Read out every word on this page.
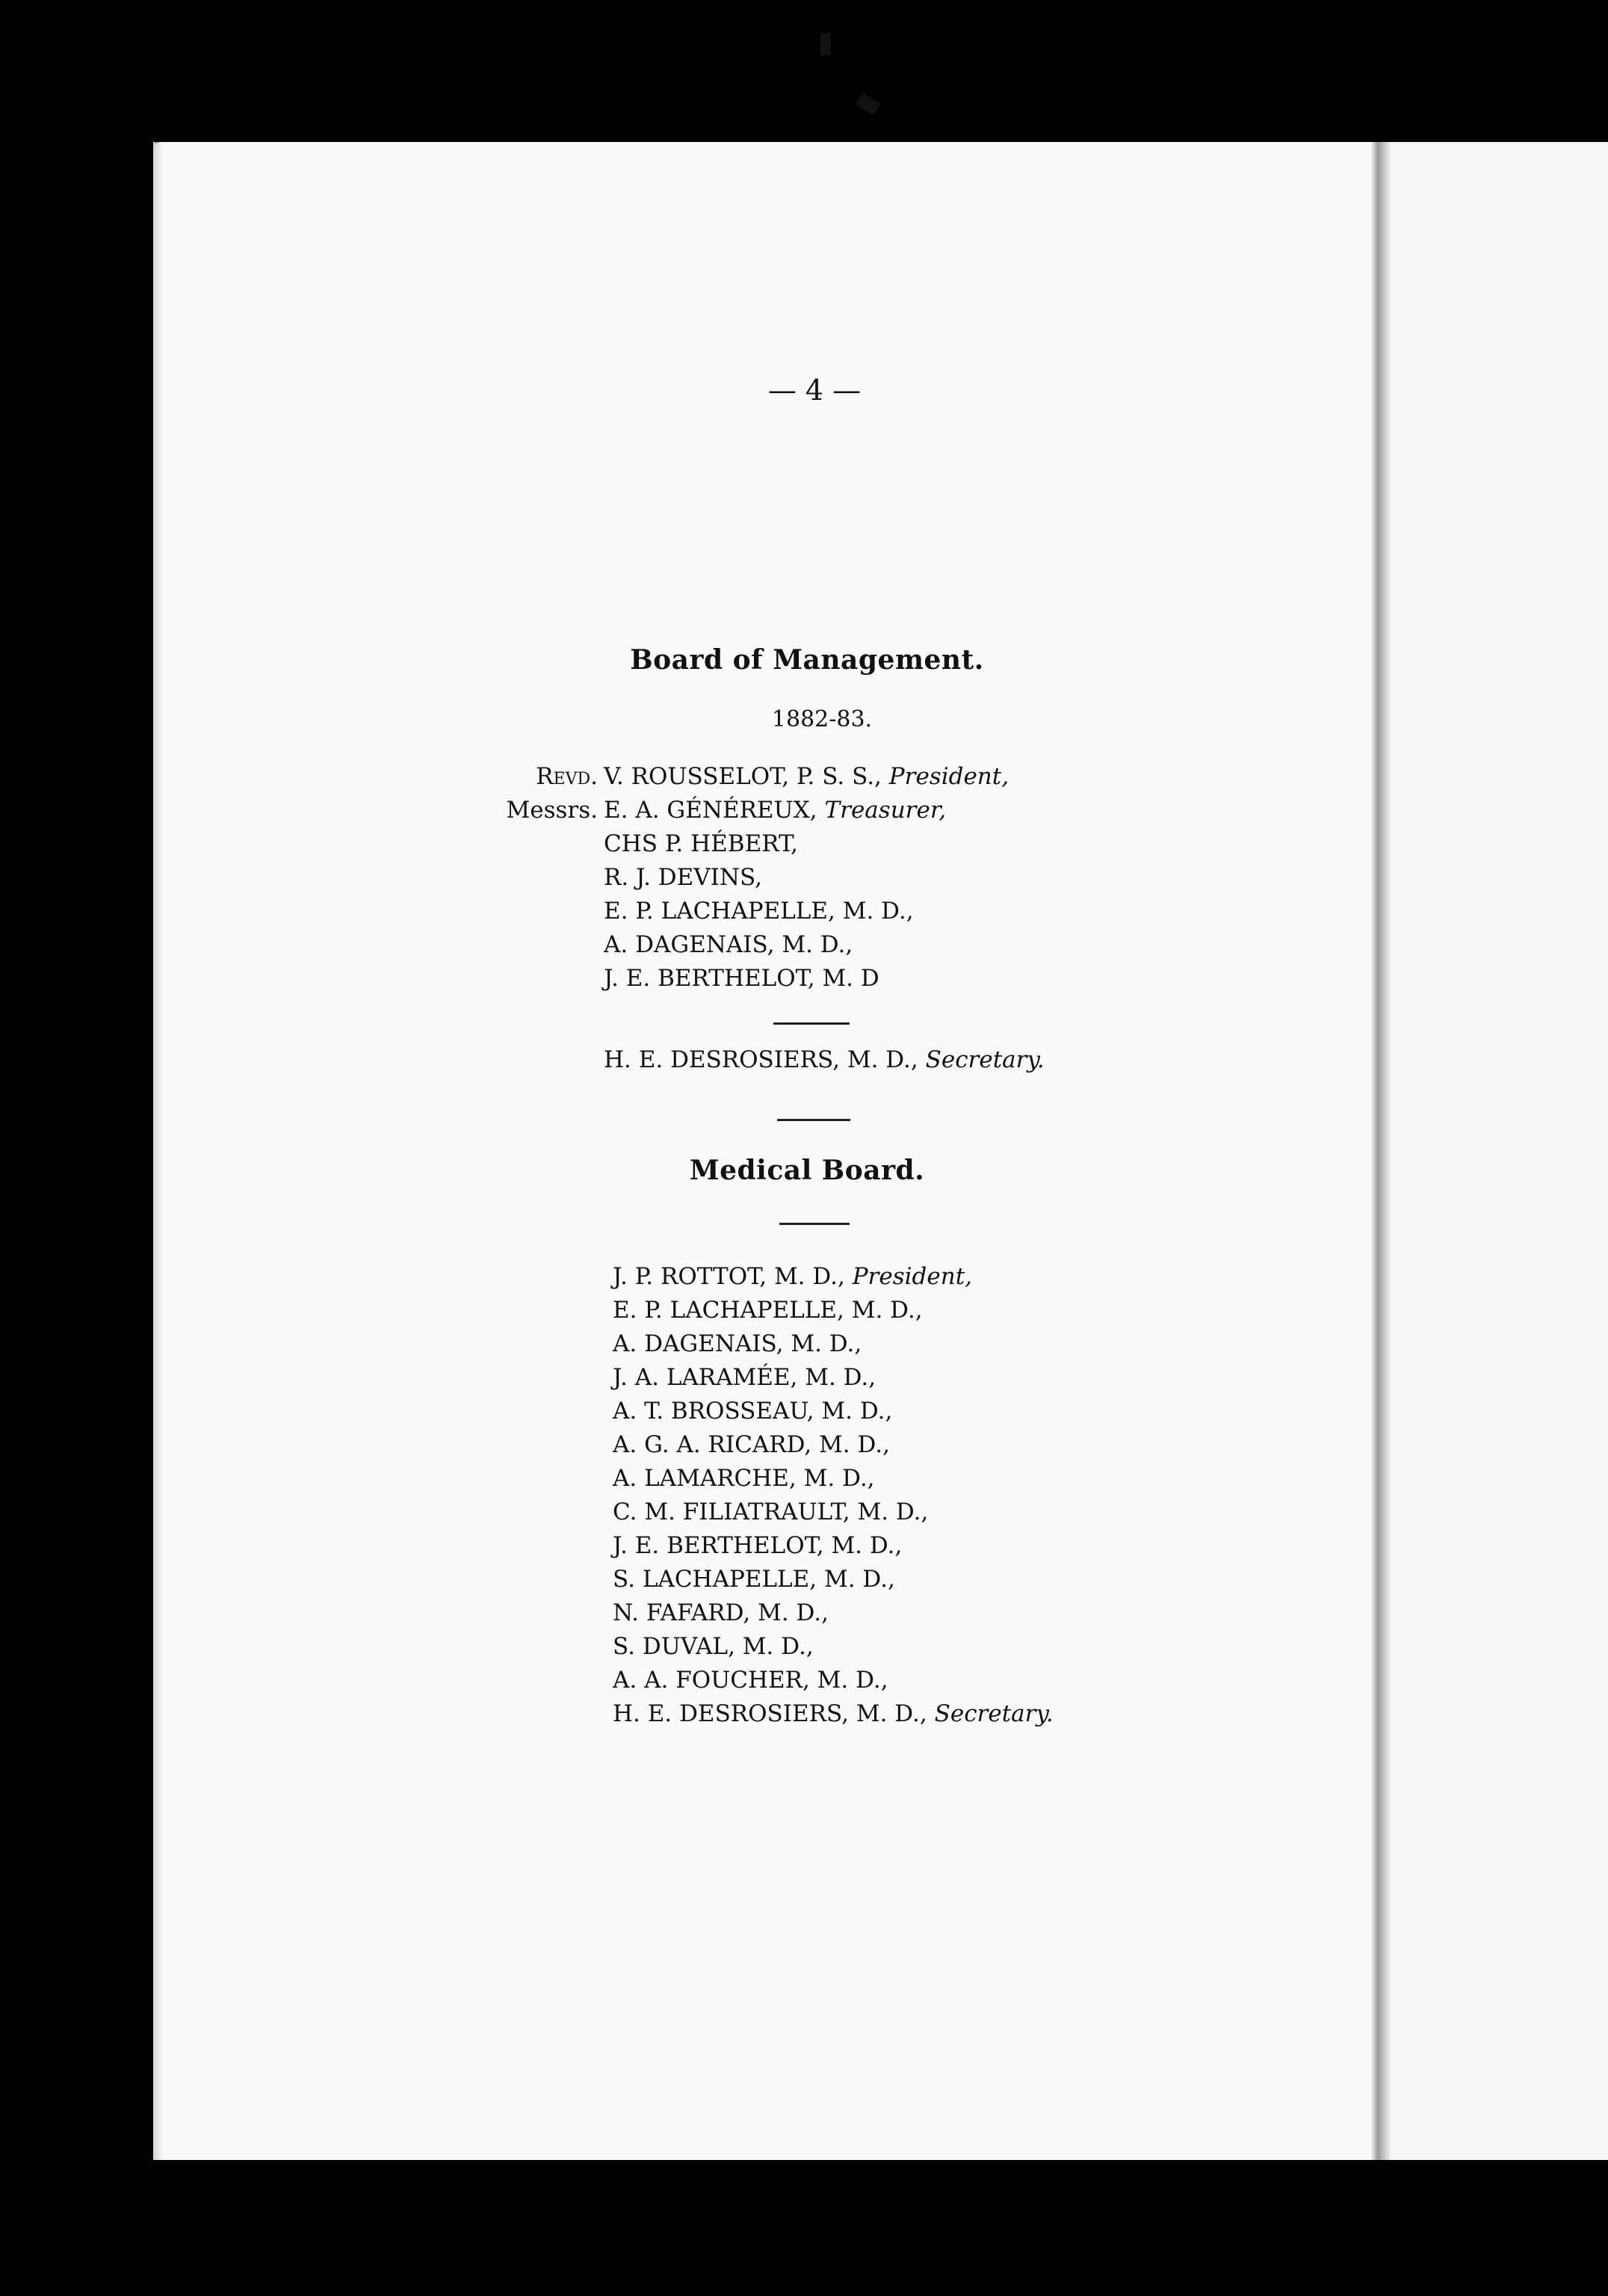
— 4 —
Board of Management.
1882-83.
Revd. V. ROUSSELOT, P. S. S., President,
Messrs. E. A. GÉNÉREUX, Treasurer,
CHS P. HÉBERT,
R. J. DEVINS,
E. P. LACHAPELLE, M. D.,
A. DAGENAIS, M. D.,
J. E. BERTHELOT, M. D
H. E. DESROSIERS, M. D., Secretary.
Medical Board.
J. P. ROTTOT, M. D., President,
E. P. LACHAPELLE, M. D.,
A. DAGENAIS, M. D.,
J. A. LARAMÉE, M. D.,
A. T. BROSSEAU, M. D.,
A. G. A. RICARD, M. D.,
A. LAMARCHE, M. D.,
C. M. FILIATRAULT, M. D.,
J. E. BERTHELOT, M. D.,
S. LACHAPELLE, M. D.,
N. FAFARD, M. D.,
S. DUVAL, M. D.,
A. A. FOUCHER, M. D.,
H. E. DESROSIERS, M. D., Secretary.
